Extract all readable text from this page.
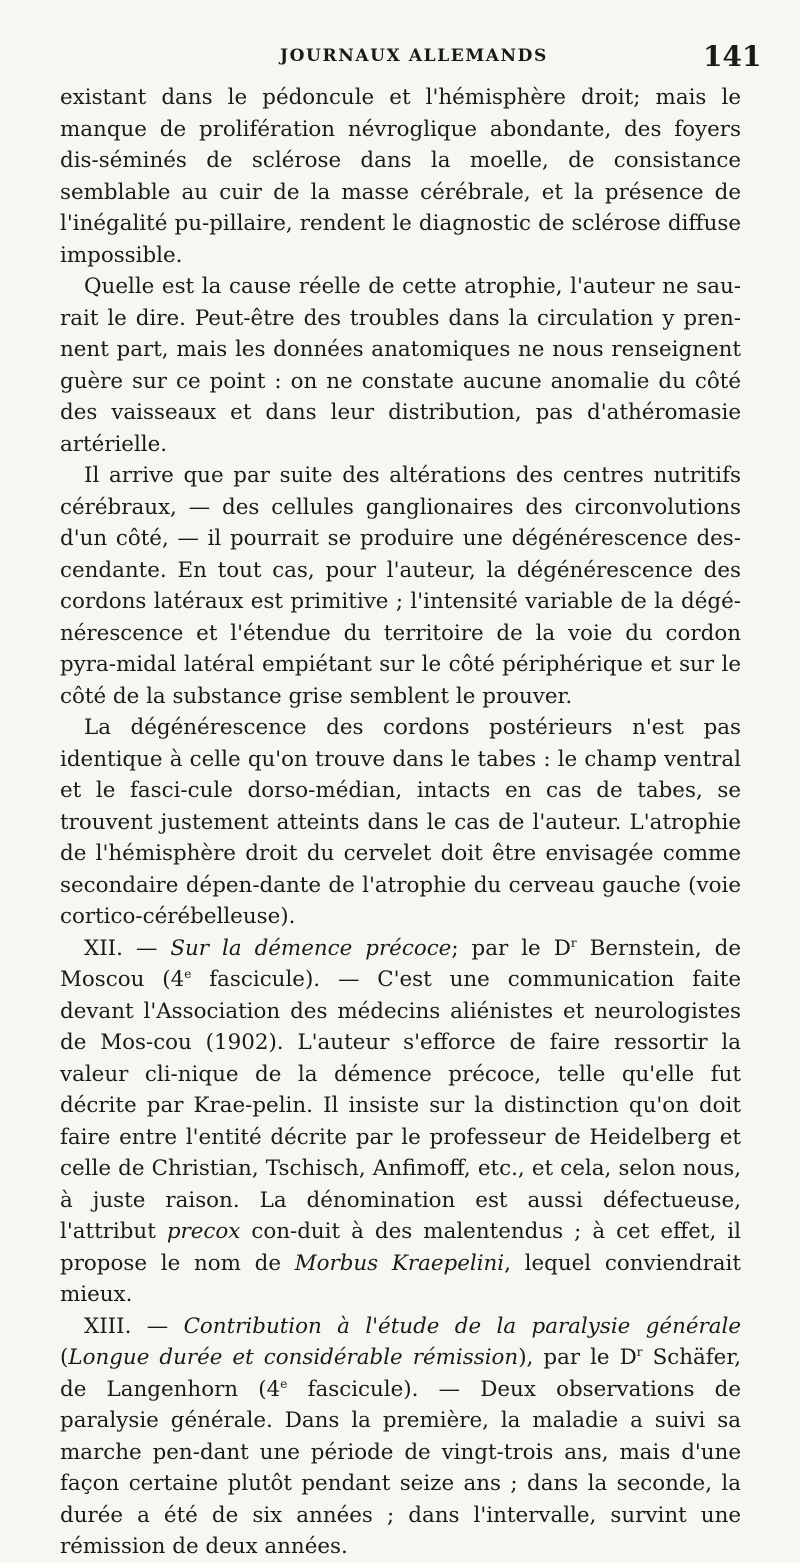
JOURNAUX ALLEMANDS	141

existant dans le pédoncule et l'hémisphère droit; mais le manque de prolifération névroglique abondante, des foyers dis-séminés de sclérose dans la moelle, de consistance semblable au cuir de la masse cérébrale, et la présence de l'inégalité pu-pillaire, rendent le diagnostic de sclérose diffuse impossible.

Quelle est la cause réelle de cette atrophie, l'auteur ne sau-rait le dire. Peut-être des troubles dans la circulation y pren-nent part, mais les données anatomiques ne nous renseignent guère sur ce point : on ne constate aucune anomalie du côté des vaisseaux et dans leur distribution, pas d'athéromasie artérielle.

Il arrive que par suite des altérations des centres nutritifs cérébraux, — des cellules ganglionaires des circonvolutions d'un côté, — il pourrait se produire une dégénérescence des-cendante. En tout cas, pour l'auteur, la dégénérescence des cordons latéraux est primitive ; l'intensité variable de la dégé-nérescence et l'étendue du territoire de la voie du cordon pyra-midal latéral empiétant sur le côté périphérique et sur le côté de la substance grise semblent le prouver.

La dégénérescence des cordons postérieurs n'est pas identique à celle qu'on trouve dans le tabes : le champ ventral et le fasci-cule dorso-médian, intacts en cas de tabes, se trouvent justement atteints dans le cas de l'auteur. L'atrophie de l'hémisphère droit du cervelet doit être envisagée comme secondaire dépen-dante de l'atrophie du cerveau gauche (voie cortico-cérébelleuse).

XII. — Sur la démence précoce; par le $D^r$ Bernstein, de Moscou (4e fascicule). — C'est une communication faite devant l'Association des médecins aliénistes et neurologistes de Mos-cou (1902). L'auteur s'efforce de faire ressortir la valeur cli-nique de la démence précoce, telle qu'elle fut décrite par Krae-pelin. Il insiste sur la distinction qu'on doit faire entre l'entité décrite par le professeur de Heidelberg et celle de Christian, Tschisch, Anfimoff, etc., et cela, selon nous, à juste raison. La dénomination est aussi défectueuse, l'attribut precox con-duit à des malentendus ; à cet effet, il propose le nom de Morbus Kraepelini, lequel conviendrait mieux.

XIII. — Contribution à l'étude de la paralysie générale (Longue durée et considérable rémission), par le $D^r$ Schäfer, de Langenhorn (4e fascicule). — Deux observations de paralysie générale. Dans la première, la maladie a suivi sa marche pen-dant une période de vingt-trois ans, mais d'une façon certaine plutôt pendant seize ans ; dans la seconde, la durée a été de six années ; dans l'intervalle, survint une rémission de deux années.
